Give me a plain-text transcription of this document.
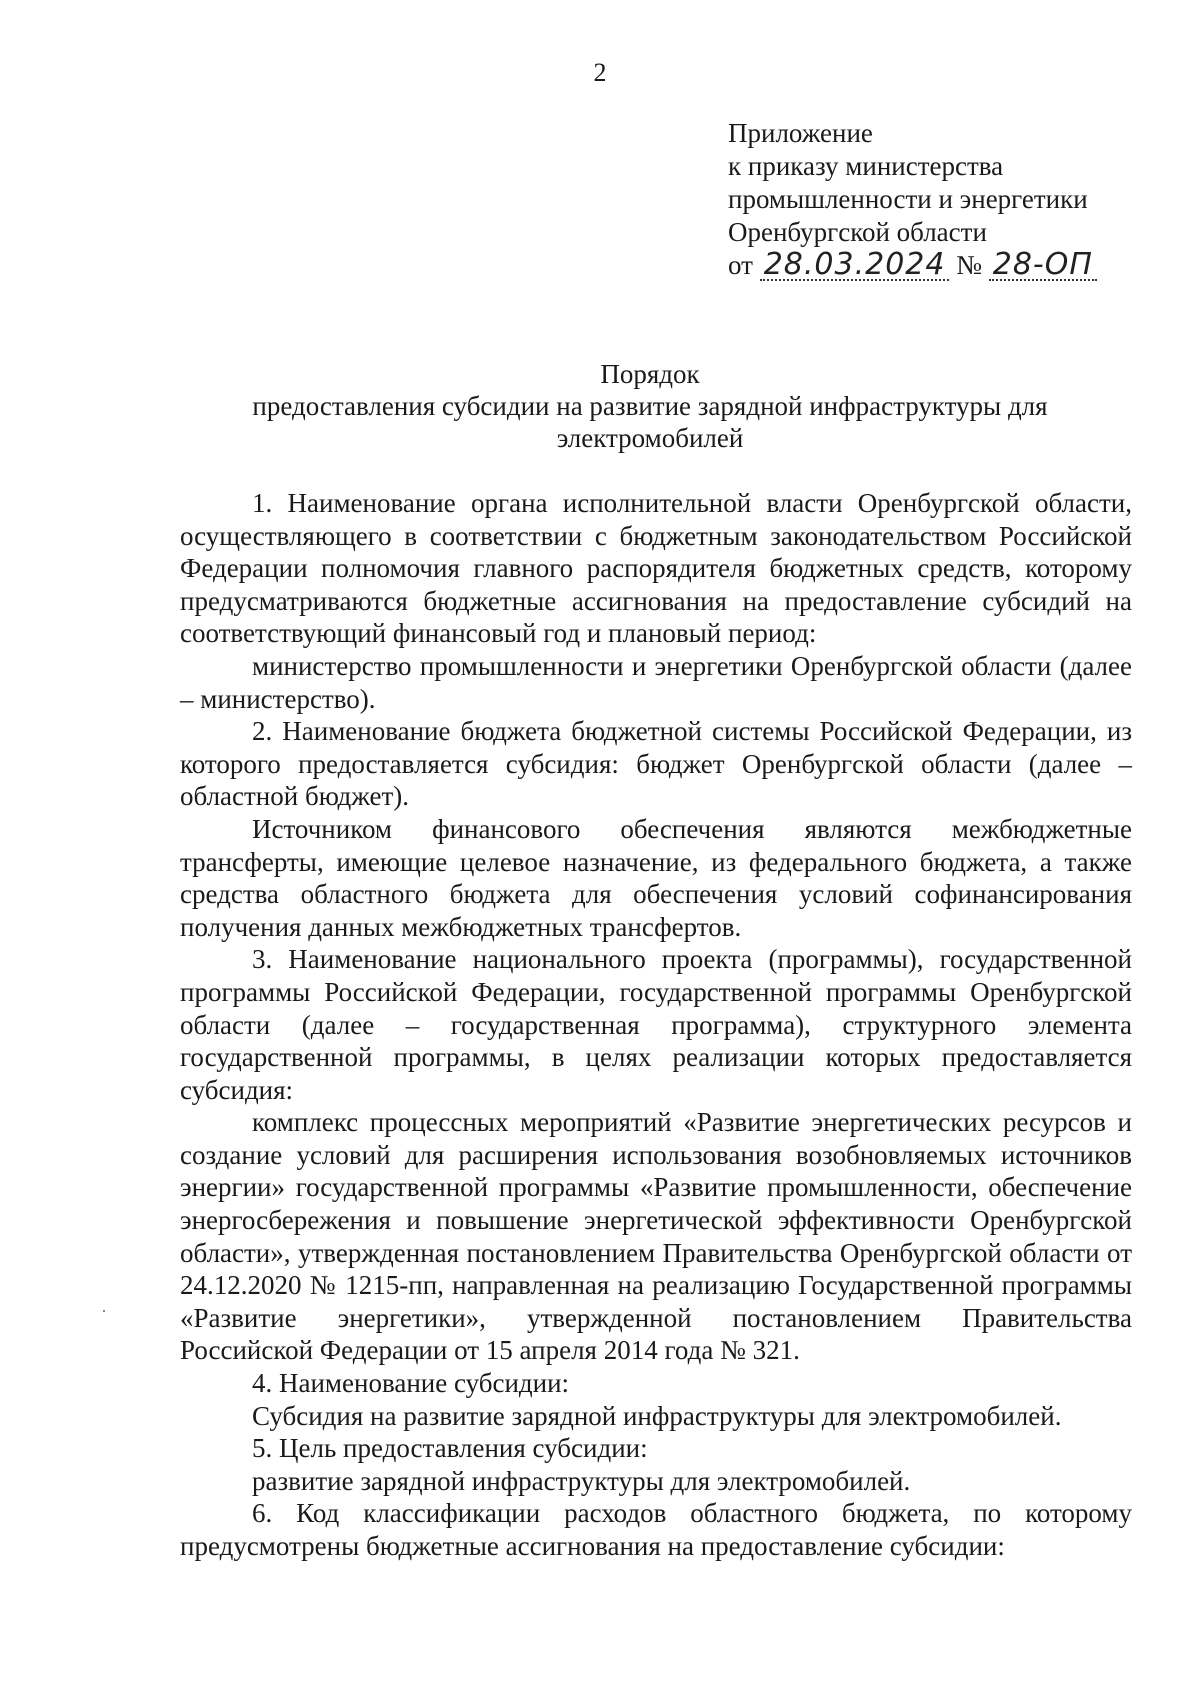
2
Приложение
к приказу министерства
промышленности и энергетики
Оренбургской области
от 28.03.2024 № 28-ОП
Порядок
предоставления субсидии на развитие зарядной инфраструктуры для
электромобилей

1. Наименование органа исполнительной власти Оренбургской области, осуществляющего в соответствии с бюджетным законодательством Российской Федерации полномочия главного распорядителя бюджетных средств, которому предусматриваются бюджетные ассигнования на предоставление субсидий на соответствующий финансовый год и плановый период:

министерство промышленности и энергетики Оренбургской области (далее – министерство).

2. Наименование бюджета бюджетной системы Российской Федерации, из которого предоставляется субсидия: бюджет Оренбургской области (далее – областной бюджет).

Источником финансового обеспечения являются межбюджетные трансферты, имеющие целевое назначение, из федерального бюджета, а также средства областного бюджета для обеспечения условий софинансирования получения данных межбюджетных трансфертов.

3. Наименование национального проекта (программы), государственной программы Российской Федерации, государственной программы Оренбургской области (далее – государственная программа), структурного элемента государственной программы, в целях реализации которых предоставляется субсидия:

комплекс процессных мероприятий «Развитие энергетических ресурсов и создание условий для расширения использования возобновляемых источников энергии» государственной программы «Развитие промышленности, обеспечение энергосбережения и повышение энергетической эффективности Оренбургской области», утвержденная постановлением Правительства Оренбургской области от 24.12.2020 № 1215-пп, направленная на реализацию Государственной программы «Развитие энергетики», утвержденной постановлением Правительства Российской Федерации от 15 апреля 2014 года № 321.

4. Наименование субсидии:

Субсидия на развитие зарядной инфраструктуры для электромобилей.

5. Цель предоставления субсидии:

развитие зарядной инфраструктуры для электромобилей.

6. Код классификации расходов областного бюджета, по которому предусмотрены бюджетные ассигнования на предоставление субсидии:
